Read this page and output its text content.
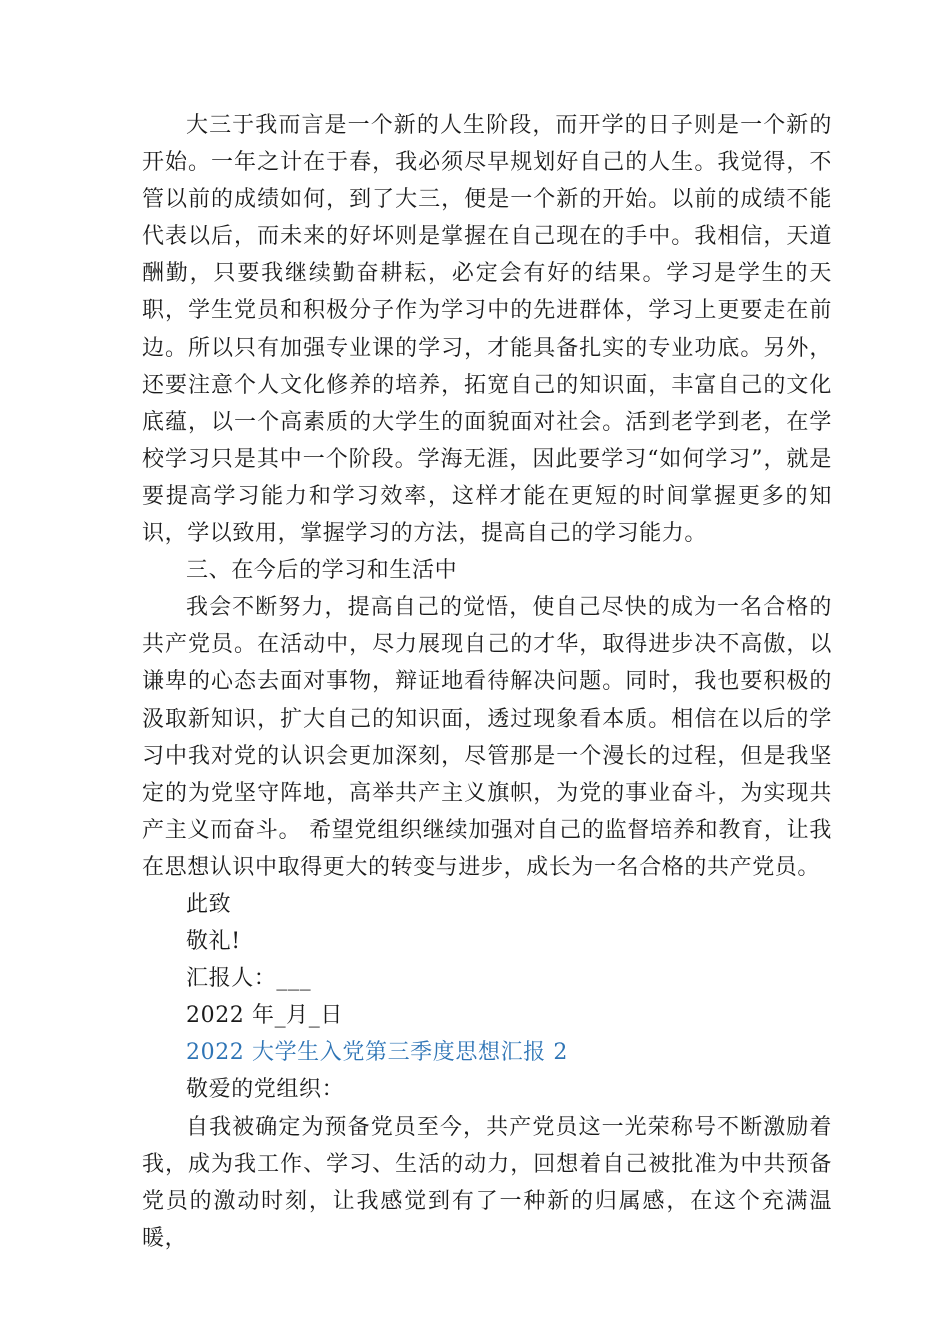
大三于我而言是一个新的人生阶段，而开学的日子则是一个新的开始。一年之计在于春，我必须尽早规划好自己的人生。我觉得，不管以前的成绩如何，到了大三，便是一个新的开始。以前的成绩不能代表以后，而未来的好坏则是掌握在自己现在的手中。我相信，天道酬勤，只要我继续勤奋耕耘，必定会有好的结果。学习是学生的天职，学生党员和积极分子作为学习中的先进群体，学习上更要走在前边。所以只有加强专业课的学习，才能具备扎实的专业功底。另外，还要注意个人文化修养的培养，拓宽自己的知识面，丰富自己的文化底蕴，以一个高素质的大学生的面貌面对社会。活到老学到老，在学校学习只是其中一个阶段。学海无涯，因此要学习“如何学习”，就是要提高学习能力和学习效率，这样才能在更短的时间掌握更多的知识，学以致用，掌握学习的方法，提高自己的学习能力。

三、在今后的学习和生活中

我会不断努力，提高自己的觉悟，使自己尽快的成为一名合格的共产党员。在活动中，尽力展现自己的才华，取得进步决不高傲，以谦卑的心态去面对事物，辩证地看待解决问题。同时，我也要积极的汲取新知识，扩大自己的知识面，透过现象看本质。相信在以后的学习中我对党的认识会更加深刻，尽管那是一个漫长的过程，但是我坚定的为党坚守阵地，高举共产主义旗帜，为党的事业奋斗，为实现共产主义而奋斗。 希望党组织继续加强对自己的监督培养和教育，让我在思想认识中取得更大的转变与进步，成长为一名合格的共产党员。

此致

敬礼!

汇报人：___

2022 年_月_日

2022 大学生入党第三季度思想汇报 2

敬爱的党组织：

自我被确定为预备党员至今，共产党员这一光荣称号不断激励着我，成为我工作、学习、生活的动力，回想着自己被批准为中共预备党员的激动时刻，让我感觉到有了一种新的归属感，在这个充满温暖，
